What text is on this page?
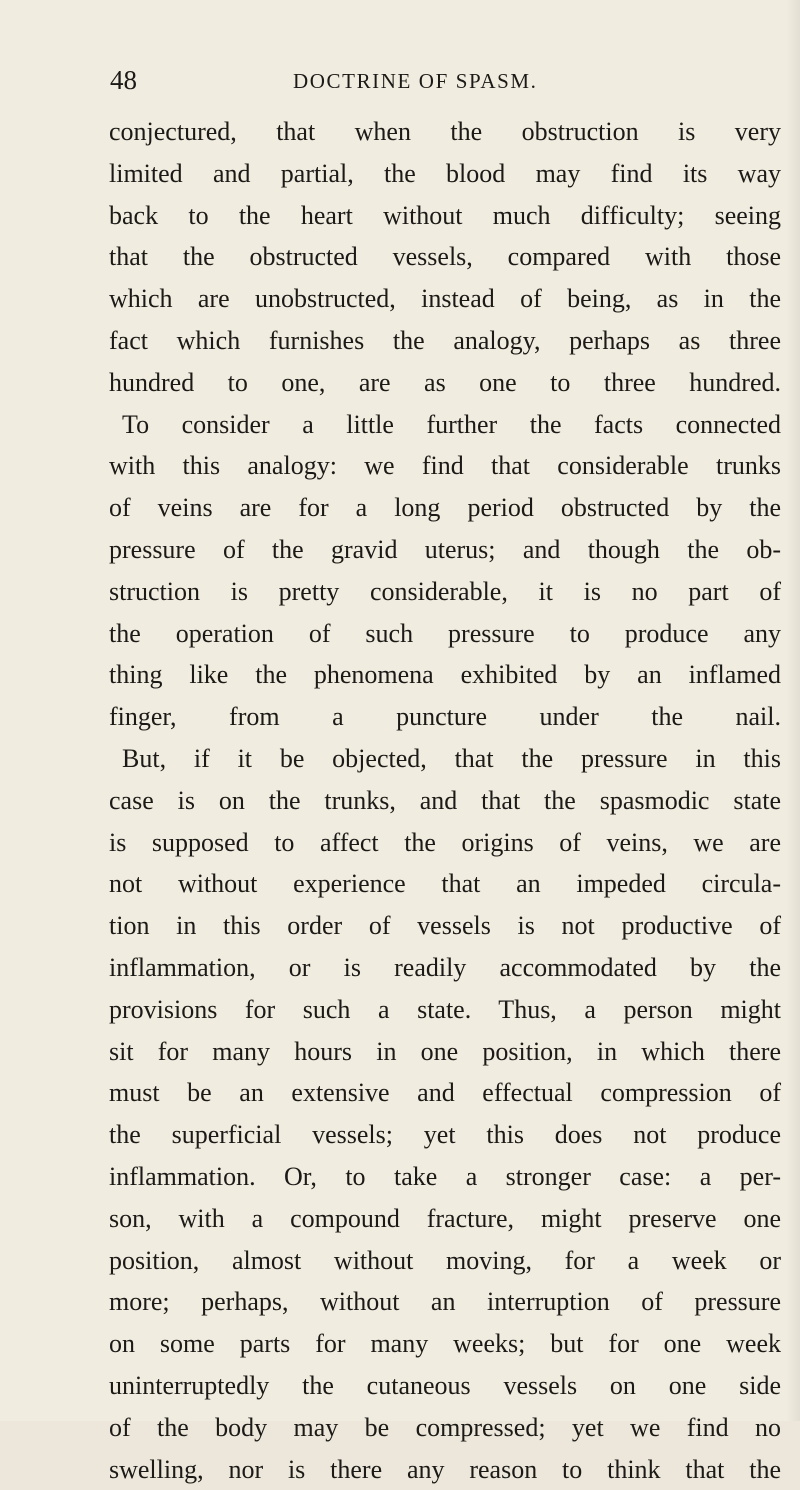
48	DOCTRINE OF SPASM.
conjectured, that when the obstruction is very
limited and partial, the blood may find its way
back to the heart without much difficulty; seeing
that the obstructed vessels, compared with those
which are unobstructed, instead of being, as in the
fact which furnishes the analogy, perhaps as three
hundred to one, are as one to three hundred.
To consider a little further the facts connected
with this analogy: we find that considerable trunks
of veins are for a long period obstructed by the
pressure of the gravid uterus; and though the ob-
struction is pretty considerable, it is no part of
the operation of such pressure to produce any
thing like the phenomena exhibited by an inflamed
finger, from a puncture under the nail.
But, if it be objected, that the pressure in this
case is on the trunks, and that the spasmodic state
is supposed to affect the origins of veins, we are
not without experience that an impeded circula-
tion in this order of vessels is not productive of
inflammation, or is readily accommodated by the
provisions for such a state. Thus, a person might
sit for many hours in one position, in which there
must be an extensive and effectual compression of
the superficial vessels; yet this does not produce
inflammation. Or, to take a stronger case: a per-
son, with a compound fracture, might preserve one
position, almost without moving, for a week or
more; perhaps, without an interruption of pressure
on some parts for many weeks; but for one week
uninterruptedly the cutaneous vessels on one side
of the body may be compressed; yet we find no
swelling, nor is there any reason to think that the
